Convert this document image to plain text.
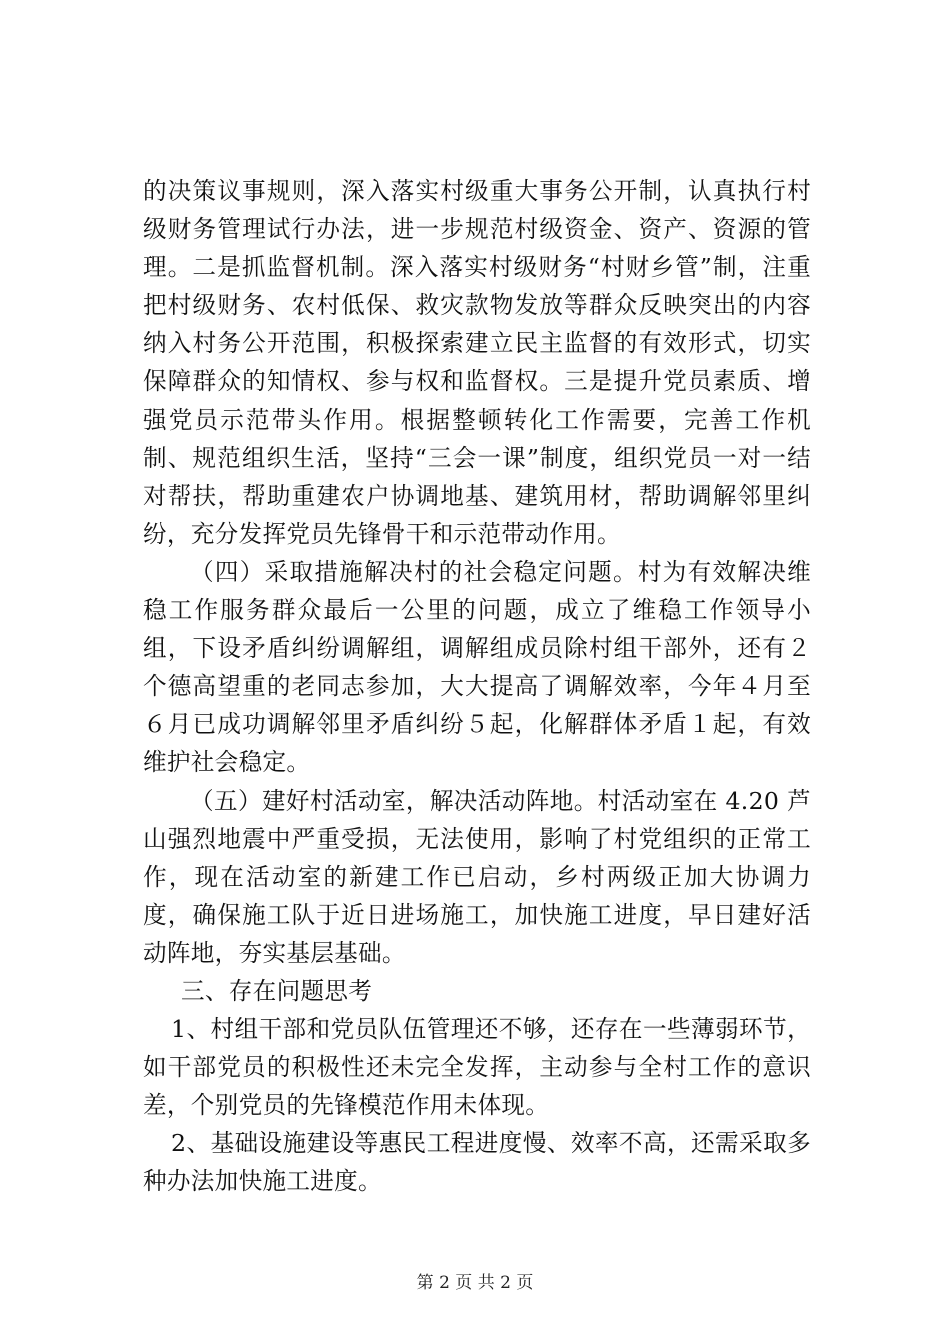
的决策议事规则，深入落实村级重大事务公开制，认真执行村级财务管理试行办法，进一步规范村级资金、资产、资源的管理。二是抓监督机制。深入落实村级财务“村财乡管”制，注重把村级财务、农村低保、救灾款物发放等群众反映突出的内容纳入村务公开范围，积极探索建立民主监督的有效形式，切实保障群众的知情权、参与权和监督权。三是提升党员素质、增强党员示范带头作用。根据整顿转化工作需要，完善工作机制、规范组织生活，坚持“三会一课”制度，组织党员一对一结对帮扶，帮助重建农户协调地基、建筑用材，帮助调解邻里纠纷，充分发挥党员先锋骨干和示范带动作用。

（四）采取措施解决村的社会稳定问题。村为有效解决维稳工作服务群众最后一公里的问题，成立了维稳工作领导小组，下设矛盾纠纷调解组，调解组成员除村组干部外，还有２个德高望重的老同志参加，大大提高了调解效率，今年４月至６月已成功调解邻里矛盾纠纷５起，化解群体矛盾１起，有效维护社会稳定。

（五）建好村活动室，解决活动阵地。村活动室在 4.20 芦山强烈地震中严重受损，无法使用，影响了村党组织的正常工作，现在活动室的新建工作已启动，乡村两级正加大协调力度，确保施工队于近日进场施工，加快施工进度，早日建好活动阵地，夯实基层基础。

三、存在问题思考

1、村组干部和党员队伍管理还不够，还存在一些薄弱环节，如干部党员的积极性还未完全发挥，主动参与全村工作的意识差，个别党员的先锋模范作用未体现。

2、基础设施建设等惠民工程进度慢、效率不高，还需采取多种办法加快施工进度。

第 2 页 共 2 页
